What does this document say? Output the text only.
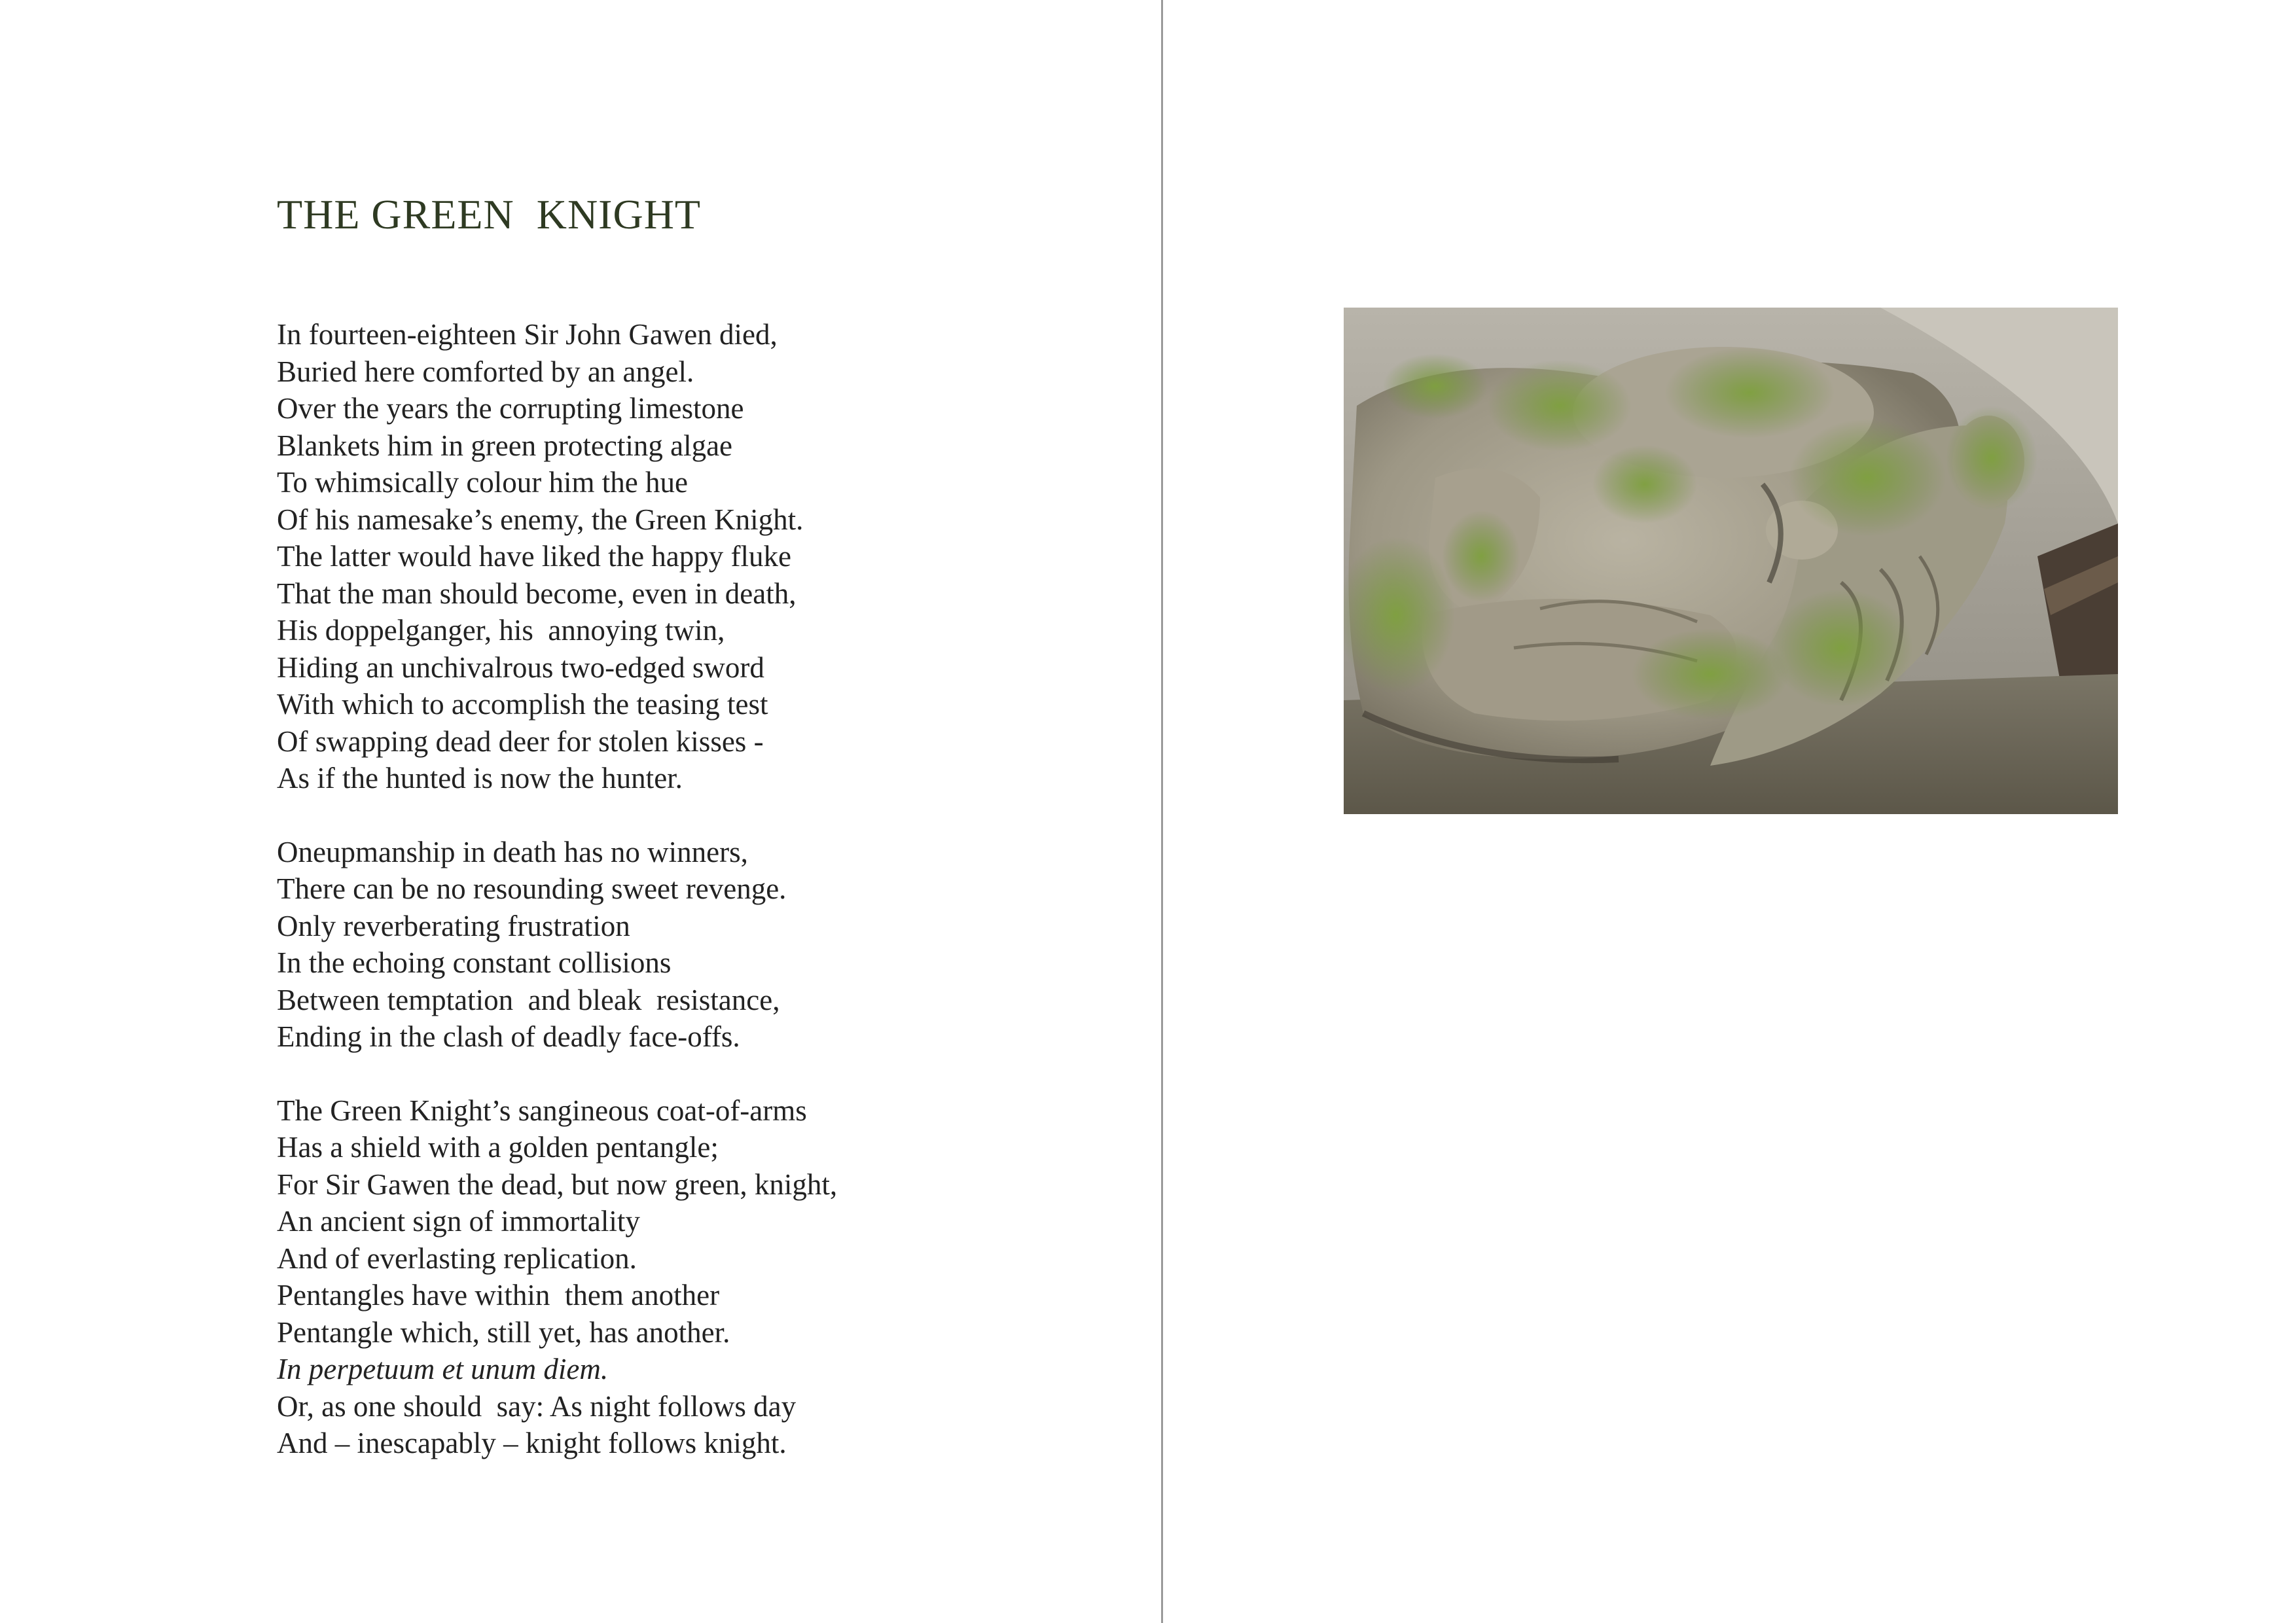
THE GREEN  KNIGHT
In fourteen-eighteen Sir John Gawen died,
Buried here comforted by an angel.
Over the years the corrupting limestone
Blankets him in green protecting algae
To whimsically colour him the hue
Of his namesake’s enemy, the Green Knight.
The latter would have liked the happy fluke
That the man should become, even in death,
His doppelganger, his  annoying twin,
Hiding an unchivalrous two-edged sword
With which to accomplish the teasing test
Of swapping dead deer for stolen kisses -
As if the hunted is now the hunter.
Oneupmanship in death has no winners,
There can be no resounding sweet revenge.
Only reverberating frustration
In the echoing constant collisions
Between temptation  and bleak  resistance,
Ending in the clash of deadly face-offs.
The Green Knight’s sangineous coat-of-arms
Has a shield with a golden pentangle;
For Sir Gawen the dead, but now green, knight,
An ancient sign of immortality
And of everlasting replication.
Pentangles have within  them another
Pentangle which, still yet, has another.
In perpetuum et unum diem.
Or, as one should  say: As night follows day
And – inescapably – knight follows knight.
